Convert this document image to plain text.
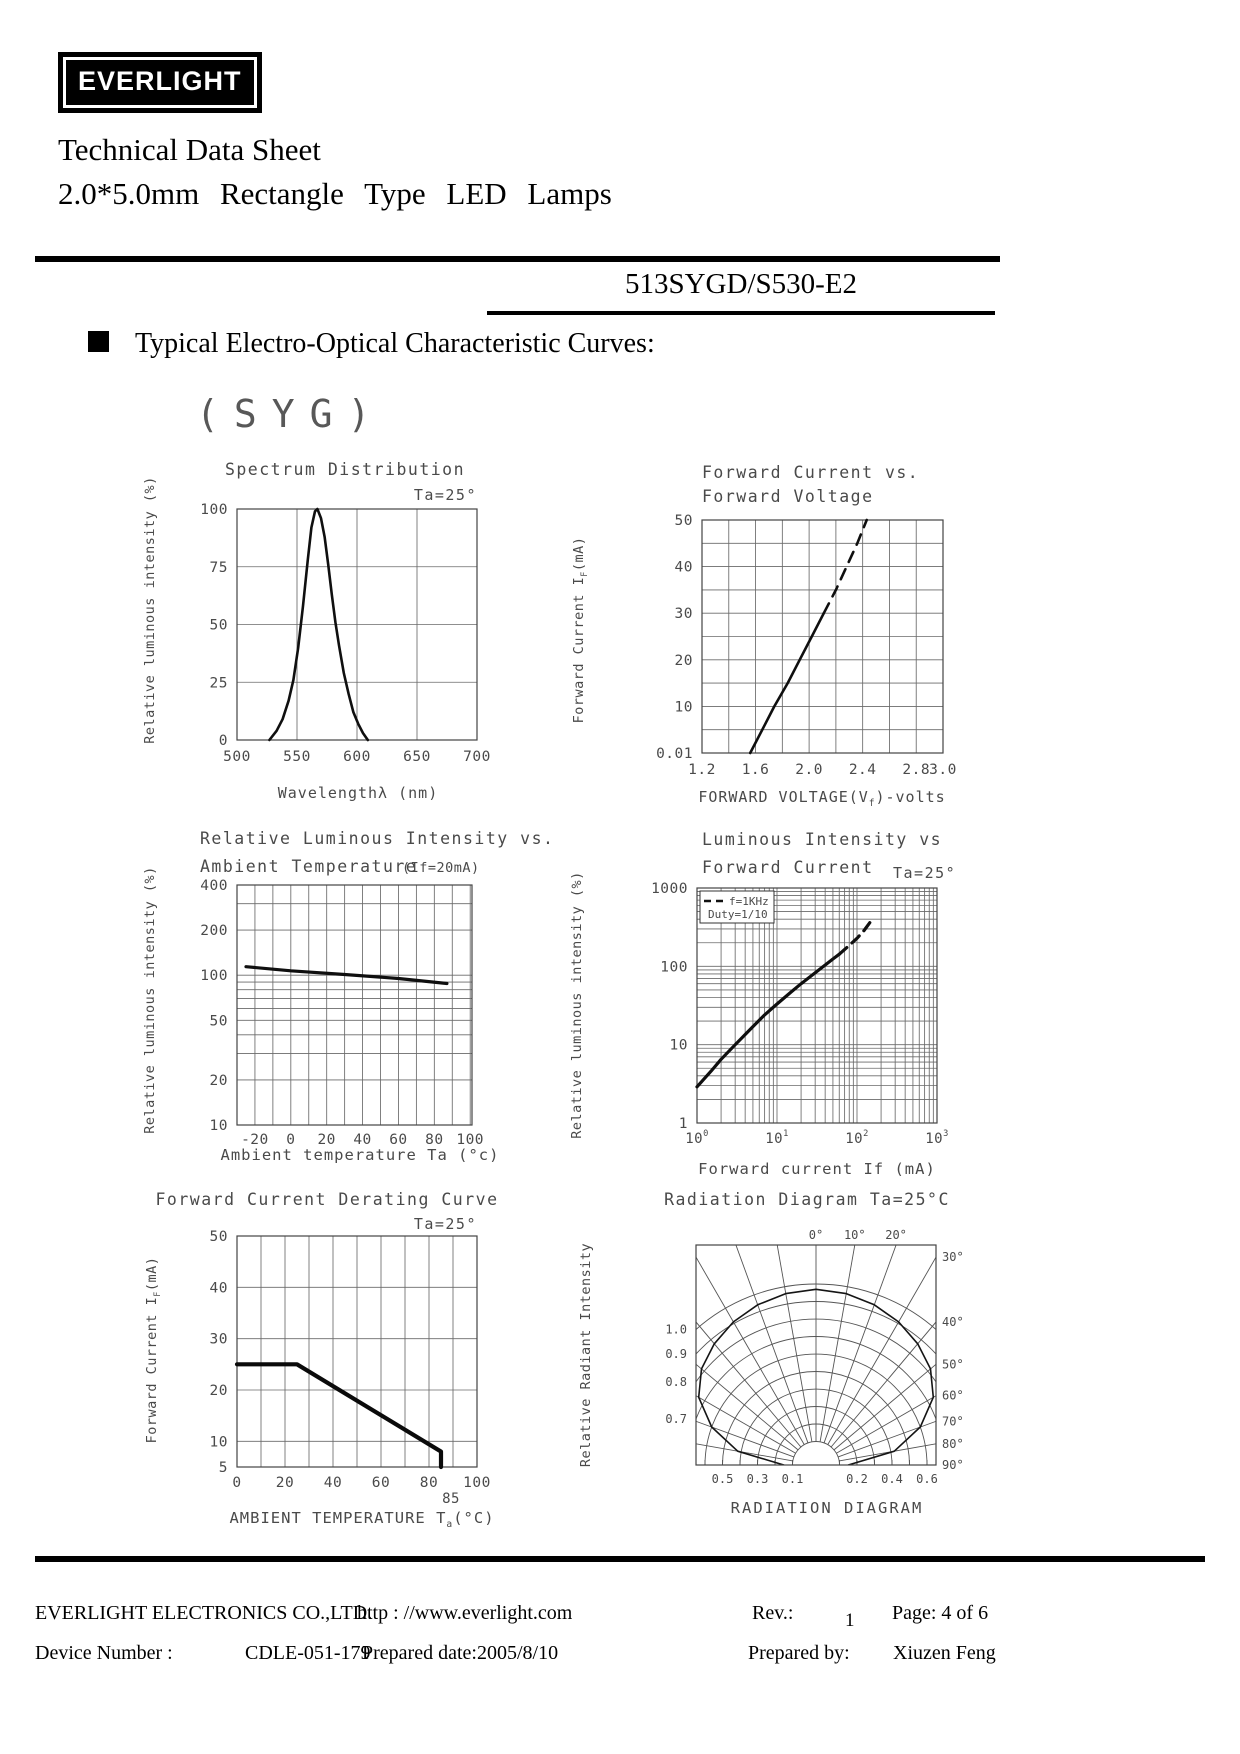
EVERLIGHT
Technical Data Sheet
2.0*5.0mm Rectangle Type LED Lamps
513SYGD/S530-E2
Typical Electro-Optical Characteristic Curves:
(SYG)
100
75
50
25
0
500 550 600 650 700
Spectrum Distribution
Ta=25°
Wavelengthλ (nm)
Relative luminous intensity (%)	50
40
30
20
10
0.01
1.2 1.6 2.0 2.4 2.8 3.0
Forward Current vs.
Forward Voltage
FORWARD $VOLTAGE(V_f)$-volts
Forward Current $I_F(mA)$
400
200
100
50
20
10
-20 0 20 40 60 80 100
Relative Luminous Intensity vs.
Ambient Temperature
(If=20mA)
Ambient temperature Ta (°c)
Relative luminous intensity (%)	1000
100
10
1
$10^0$	$10^1$	$10^2$	$10^3$
Luminous Intensity vs
Forward Current Ta=25°
f=1KHz
Duty=1/10
Forward current If (mA)
Relative luminous intensity (%)
50
40
30
20
10
5
0 20 40 60 80 100
85
Forward Current Derating Curve
Ta=25°
AMBIENT TEMPERATURE $T_a(^\circ C)$
Forward Current $I_F(mA)$
Radiation Diagram Ta=25°C
0° 10° 20°
30°
40°
50°
60°
70°
80°
90°
1.0
0.9
0.8
0.7
0.5 0.3 0.1	0.2 0.4 0.6
RADIATION DIAGRAM
Relative Radiant Intensity
EVERLIGHT ELECTRONICS CO.,LTD.
http : //www.everlight.com	Rev.:	1 Page: 4 of 6
Device Number :	CDLE-051-179
Prepared date: 2005/8/10	Prepared by: Xiuzen Feng
